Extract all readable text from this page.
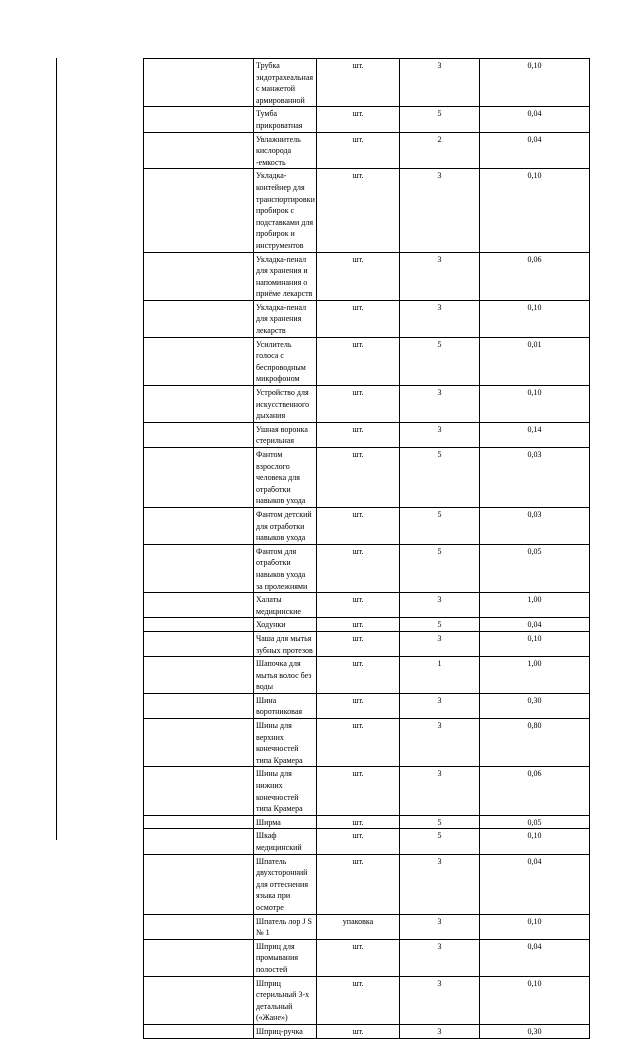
	Трубка эндотрахеальная с манжетой армированной	шт.	3	0,10
	Тумба прикроватная	шт.	5	0,04
	Увлажнитель кислорода -емкость	шт.	2	0,04
	Укладка-контейнер для транспортировки пробирок с подставками для пробирок и инструментов	шт.	3	0,10
	Укладка-пенал для хранения и напоминания о приёме лекарств	шт.	3	0,06
	Укладка-пенал для хранения лекарств	шт.	3	0,10
	Усилитель голоса с беспроводным микрофоном	шт.	5	0,01
	Устройство для искусственного дыхания	шт.	3	0,10
	Ушная воронка стерильная	шт.	3	0,14
	Фантом взрослого человека для отработки навыков ухода	шт.	5	0,03
	Фантом детский для отработки навыков ухода	шт.	5	0,03
	Фантом для отработки навыков ухода за пролежнями	шт.	5	0,05
	Халаты медицинские	шт.	3	1,00
	Ходунки	шт.	5	0,04
	Чаша для мытья зубных протезов	шт.	3	0,10
	Шапочка для мытья волос без воды	шт.	1	1,00
	Шина воротниковая	шт.	3	0,30
	Шины для верхних конечностей типа Крамера	шт.	3	0,80
	Шины для нижних конечностей типа Крамера	шт.	3	0,06
	Ширма	шт.	5	0,05
	Шкаф медицинский	шт.	5	0,10
	Шпатель двухсторонний для оттеснения языка при осмотре	шт.	3	0,04
	Шпатель лор J S № 1	упаковка	3	0,10
	Шприц для промывания полостей	шт.	3	0,04
	Шприц стерильный 3-х детальный («Жане»)	шт.	3	0,10
	Шприц-ручка	шт.	3	0,30
